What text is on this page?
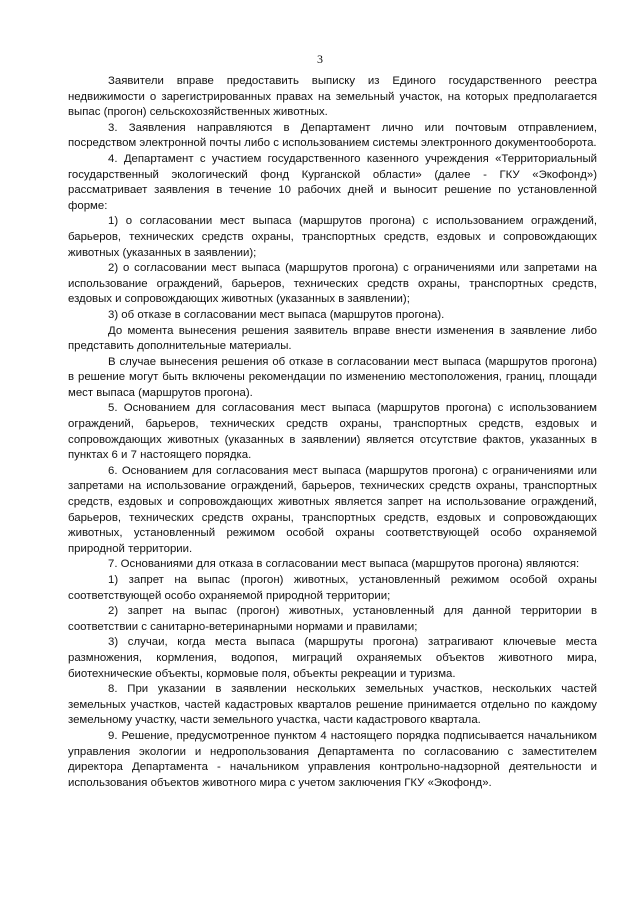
3

Заявители вправе предоставить выписку из Единого государственного реестра недвижимости о зарегистрированных правах на земельный участок, на которых предполагается выпас (прогон) сельскохозяйственных животных.

3. Заявления направляются в Департамент лично или почтовым отправлением, посредством электронной почты либо с использованием системы электронного документооборота.

4. Департамент с участием государственного казенного учреждения «Территориальный государственный экологический фонд Курганской области» (далее - ГКУ «Экофонд») рассматривает заявления в течение 10 рабочих дней и выносит решение по установленной форме:

1) о согласовании мест выпаса (маршрутов прогона) с использованием ограждений, барьеров, технических средств охраны, транспортных средств, ездовых и сопровождающих животных (указанных в заявлении);

2) о согласовании мест выпаса (маршрутов прогона) с ограничениями или запретами на использование ограждений, барьеров, технических средств охраны, транспортных средств, ездовых и сопровождающих животных (указанных в заявлении);

3) об отказе в согласовании мест выпаса (маршрутов прогона).

До момента вынесения решения заявитель вправе внести изменения в заявление либо представить дополнительные материалы.

В случае вынесения решения об отказе в согласовании мест выпаса (маршрутов прогона) в решение могут быть включены рекомендации по изменению местоположения, границ, площади мест выпаса (маршрутов прогона).

5. Основанием для согласования мест выпаса (маршрутов прогона) с использованием ограждений, барьеров, технических средств охраны, транспортных средств, ездовых и сопровождающих животных (указанных в заявлении) является отсутствие фактов, указанных в пунктах 6 и 7 настоящего порядка.

6. Основанием для согласования мест выпаса (маршрутов прогона) с ограничениями или запретами на использование ограждений, барьеров, технических средств охраны, транспортных средств, ездовых и сопровождающих животных является запрет на использование ограждений, барьеров, технических средств охраны, транспортных средств, ездовых и сопровождающих животных, установленный режимом особой охраны соответствующей особо охраняемой природной территории.

7. Основаниями для отказа в согласовании мест выпаса (маршрутов прогона) являются:

1) запрет на выпас (прогон) животных, установленный режимом особой охраны соответствующей особо охраняемой природной территории;

2) запрет на выпас (прогон) животных, установленный для данной территории в соответствии с санитарно-ветеринарными нормами и правилами;

3) случаи, когда места выпаса (маршруты прогона) затрагивают ключевые места размножения, кормления, водопоя, миграций охраняемых объектов животного мира, биотехнические объекты, кормовые поля, объекты рекреации и туризма.

8. При указании в заявлении нескольких земельных участков, нескольких частей земельных участков, частей кадастровых кварталов решение принимается отдельно по каждому земельному участку, части земельного участка, части кадастрового квартала.

9. Решение, предусмотренное пунктом 4 настоящего порядка подписывается начальником управления экологии и недропользования Департамента по согласованию с заместителем директора Департамента - начальником управления контрольно-надзорной деятельности и использования объектов животного мира с учетом заключения ГКУ «Экофонд».
